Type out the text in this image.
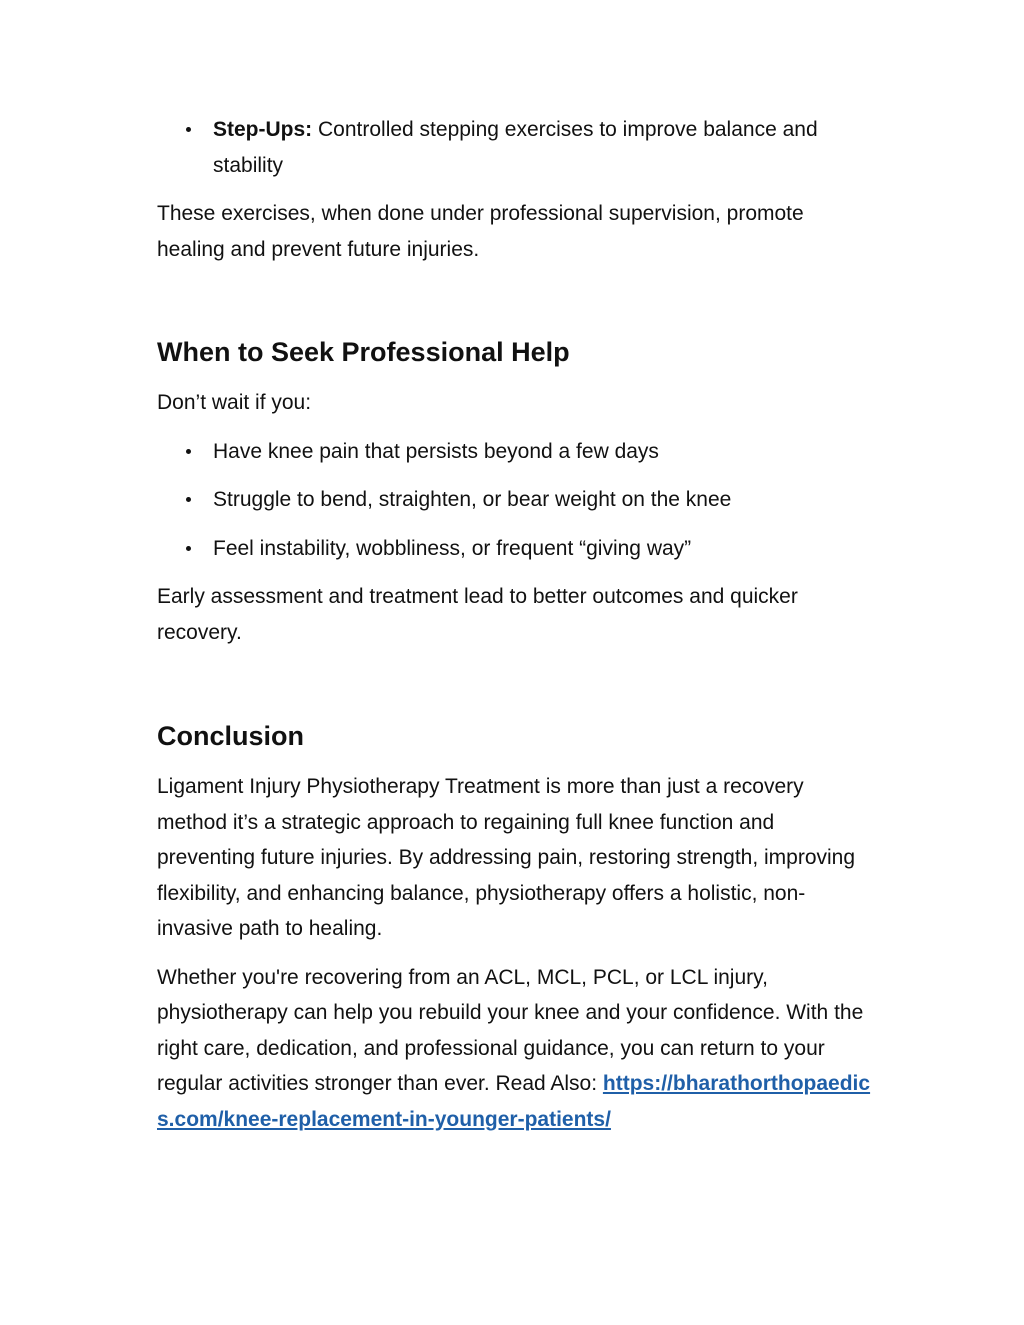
Step-Ups: Controlled stepping exercises to improve balance and stability

These exercises, when done under professional supervision, promote healing and prevent future injuries.

When to Seek Professional Help

Don’t wait if you:

Have knee pain that persists beyond a few days
Struggle to bend, straighten, or bear weight on the knee
Feel instability, wobbliness, or frequent “giving way”

Early assessment and treatment lead to better outcomes and quicker recovery.

Conclusion

Ligament Injury Physiotherapy Treatment is more than just a recovery method it’s a strategic approach to regaining full knee function and preventing future injuries. By addressing pain, restoring strength, improving flexibility, and enhancing balance, physiotherapy offers a holistic, non-invasive path to healing.

Whether you're recovering from an ACL, MCL, PCL, or LCL injury, physiotherapy can help you rebuild your knee and your confidence. With the right care, dedication, and professional guidance, you can return to your regular activities stronger than ever. Read Also: https://bharathorthopaedics.com/knee-replacement-in-younger-patients/
